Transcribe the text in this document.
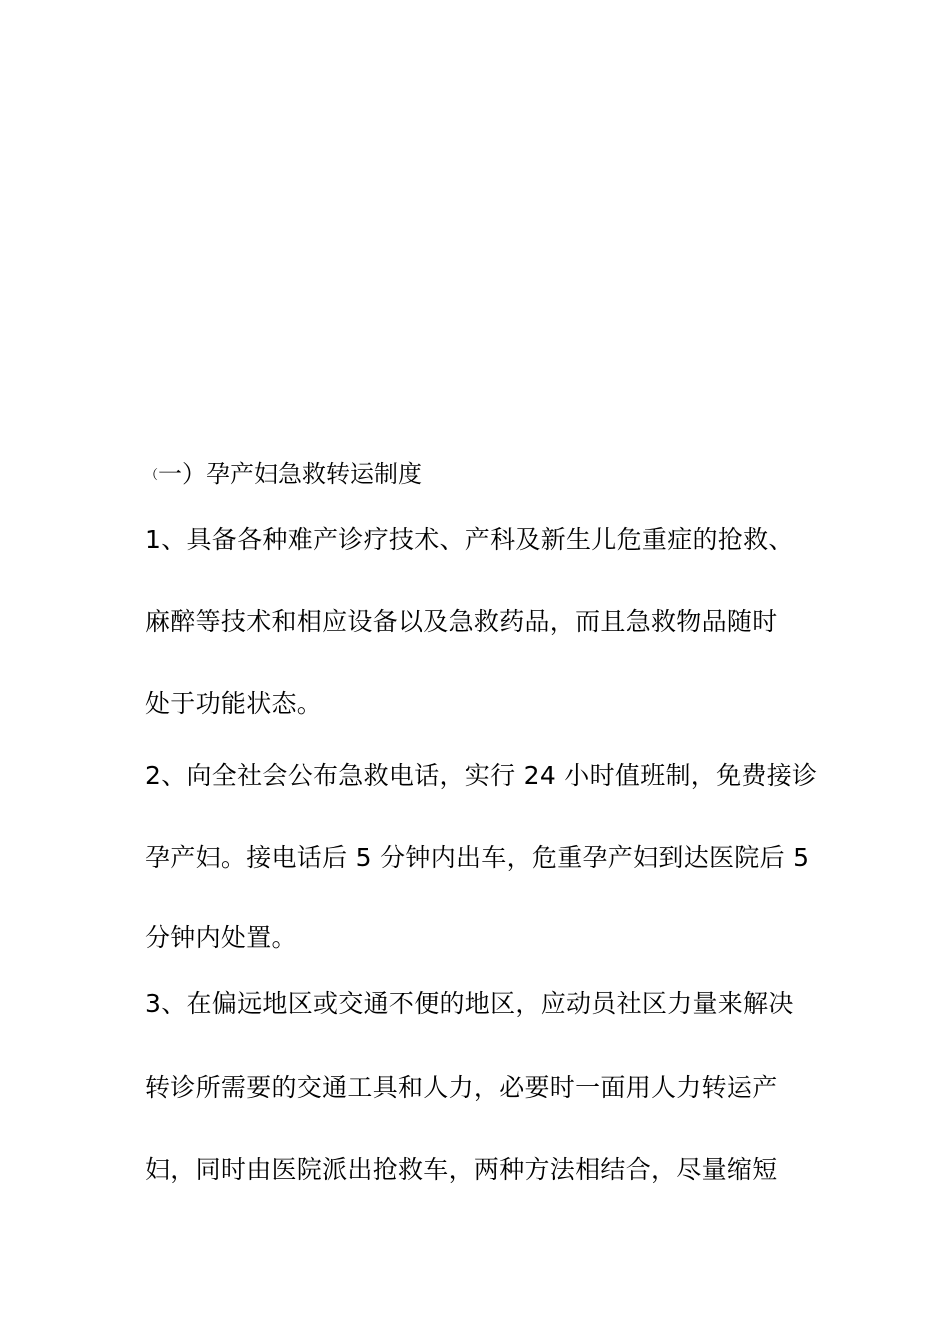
（一）孕产妇急救转运制度
1、具备各种难产诊疗技术、产科及新生儿危重症的抢救、
麻醉等技术和相应设备以及急救药品，而且急救物品随时
处于功能状态。
2、向全社会公布急救电话，实行 24 小时值班制，免费接诊
孕产妇。接电话后 5 分钟内出车，危重孕产妇到达医院后 5
分钟内处置。
3、在偏远地区或交通不便的地区，应动员社区力量来解决
转诊所需要的交通工具和人力，必要时一面用人力转运产
妇，同时由医院派出抢救车，两种方法相结合，尽量缩短
